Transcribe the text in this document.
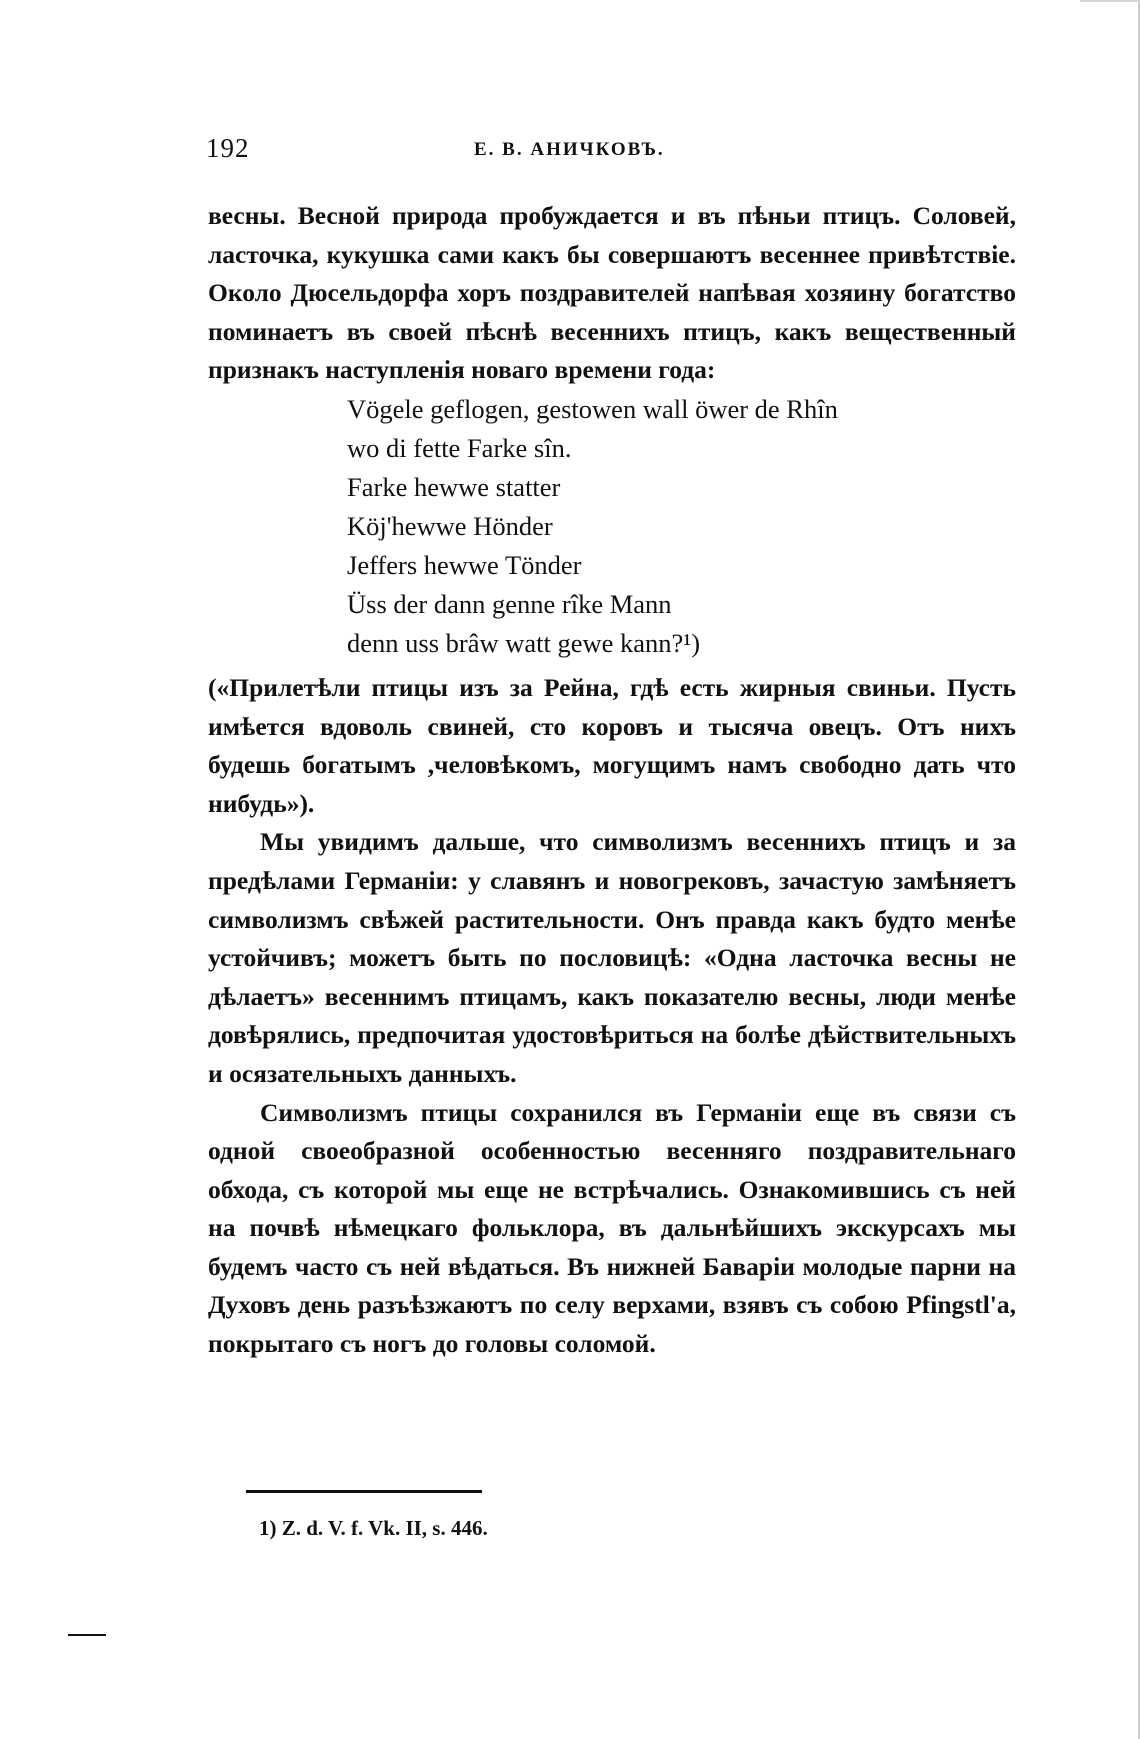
192	Е. В. АНИЧКОВЪ.

весны. Весной природа пробуждается и въ пѣньи птицъ. Соловей, ласточка, кукушка сами какъ бы совершаютъ весеннее привѣтствіе. Около Дюсельдорфа хоръ поздравителей напѣвая хозяину богатство поминаетъ въ своей пѣснѣ весеннихъ птицъ, какъ вещественный признакъ наступленія новаго времени года:

Vögele geflogen, gestowen wall öwer de Rhîn
wo di fette Farke sîn.
Farke hewwe statter
Köj'hewwe Hönder
Jeffers hewwe Tönder
Üss der dann genne rîke Mann
denn uss brâw watt gewe kann?¹)

(«Прилетѣли птицы изъ за Рейна, гдѣ есть жирныя свиньи. Пусть имѣется вдоволь свиней, сто коровъ и тысяча овецъ. Отъ нихъ будешь богатымъ ,человѣкомъ, могущимъ намъ свободно дать что нибудь»).

Мы увидимъ дальше, что символизмъ весеннихъ птицъ и за предѣлами Германіи: у славянъ и новогрековъ, зачастую замѣняетъ символизмъ свѣжей растительности. Онъ правда какъ будто менѣе устойчивъ; можетъ быть по пословицѣ: «Одна ласточка весны не дѣлаетъ» весеннимъ птицамъ, какъ показателю весны, люди менѣе довѣрялись, предпочитая удостовѣриться на болѣе дѣйствительныхъ и осязательныхъ данныхъ.

Символизмъ птицы сохранился въ Германіи еще въ связи съ одной своеобразной особенностью весенняго поздравительнаго обхода, съ которой мы еще не встрѣчались. Ознакомившись съ ней на почвѣ нѣмецкаго фольклора, въ дальнѣйшихъ экскурсахъ мы будемъ часто съ ней вѣдаться. Въ нижней Баваріи молодые парни на Духовъ день разъѣзжаютъ по селу верхами, взявъ съ собою Pfingstl'a, покрытаго съ ногъ до головы соломой.

1) Z. d. V. f. Vk. II, s. 446.
